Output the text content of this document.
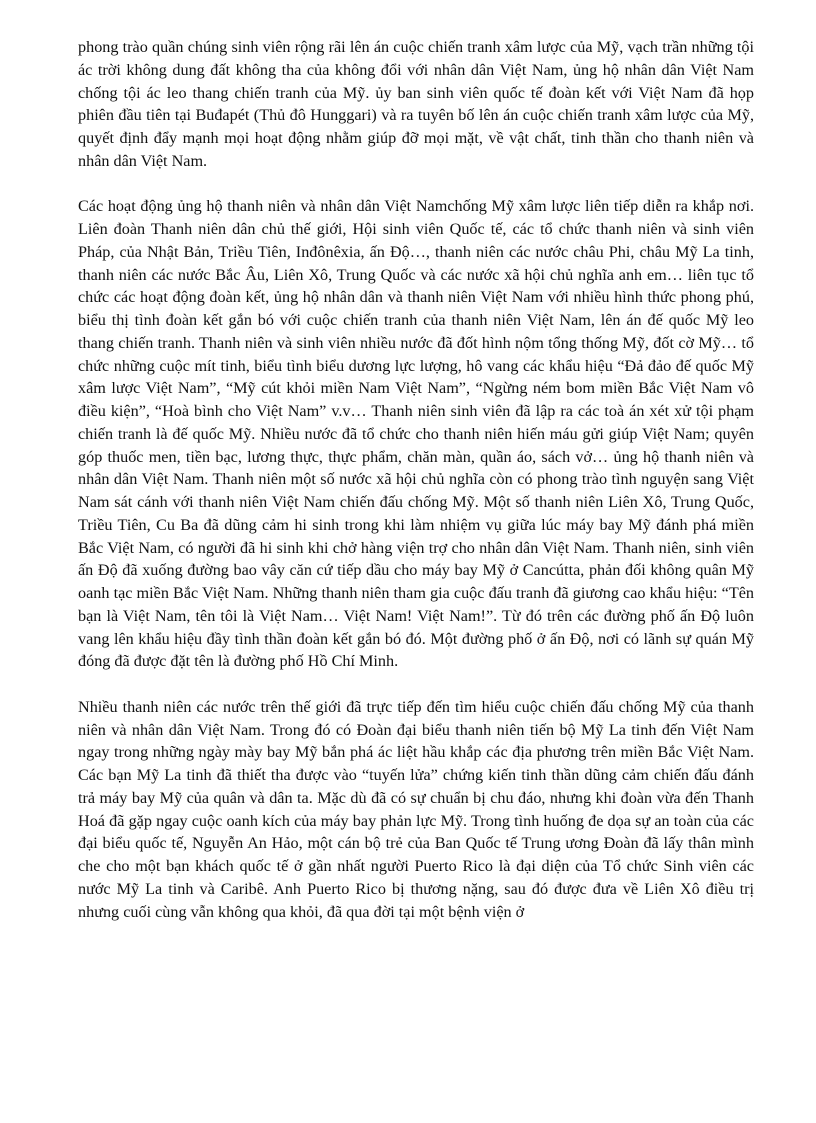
phong trào quần chúng sinh viên rộng rãi lên án cuộc chiến tranh xâm lược của Mỹ, vạch trần những tội ác trời không dung đất không tha của không đổi với nhân dân Việt Nam, ủng hộ nhân dân Việt Nam chống tội ác leo thang chiến tranh của Mỹ. ủy ban sinh viên quốc tế đoàn kết với Việt Nam đã họp phiên đầu tiên tại Buđapét (Thủ đô Hunggari) và ra tuyên bố lên án cuộc chiến tranh xâm lược của Mỹ, quyết định đẩy mạnh mọi hoạt động nhằm giúp đỡ mọi mặt, về vật chất, tinh thần cho thanh niên và nhân dân Việt Nam.

Các hoạt động ủng hộ thanh niên và nhân dân Việt Namchống Mỹ xâm lược liên tiếp diễn ra khắp nơi. Liên đoàn Thanh niên dân chủ thế giới, Hội sinh viên Quốc tế, các tổ chức thanh niên và sinh viên Pháp, của Nhật Bản, Triều Tiên, Inđônêxia, ấn Độ…, thanh niên các nước châu Phi, châu Mỹ La tinh, thanh niên các nước Bắc Âu, Liên Xô, Trung Quốc và các nước xã hội chủ nghĩa anh em… liên tục tổ chức các hoạt động đoàn kết, ủng hộ nhân dân và thanh niên Việt Nam với nhiều hình thức phong phú, biểu thị tình đoàn kết gắn bó với cuộc chiến tranh của thanh niên Việt Nam, lên án đế quốc Mỹ leo thang chiến tranh. Thanh niên và sinh viên nhiều nước đã đốt hình nộm tổng thống Mỹ, đốt cờ Mỹ… tổ chức những cuộc mít tinh, biểu tình biểu dương lực lượng, hô vang các khẩu hiệu “Đả đảo đế quốc Mỹ xâm lược Việt Nam”, “Mỹ cút khỏi miền Nam Việt Nam”, “Ngừng ném bom miền Bắc Việt Nam vô điều kiện”, “Hoà bình cho Việt Nam” v.v… Thanh niên sinh viên đã lập ra các toà án xét xử tội phạm chiến tranh là đế quốc Mỹ. Nhiều nước đã tổ chức cho thanh niên hiến máu gửi giúp Việt Nam; quyên góp thuốc men, tiền bạc, lương thực, thực phẩm, chăn màn, quần áo, sách vở… ủng hộ thanh niên và nhân dân Việt Nam. Thanh niên một số nước xã hội chủ nghĩa còn có phong trào tình nguyện sang Việt Nam sát cánh với thanh niên Việt Nam chiến đấu chống Mỹ. Một số thanh niên Liên Xô, Trung Quốc, Triều Tiên, Cu Ba đã dũng cảm hi sinh trong khi làm nhiệm vụ giữa lúc máy bay Mỹ đánh phá miền Bắc Việt Nam, có người đã hi sinh khi chở hàng viện trợ cho nhân dân Việt Nam. Thanh niên, sinh viên ấn Độ đã xuống đường bao vây căn cứ tiếp dầu cho máy bay Mỹ ở Cancútta, phản đối không quân Mỹ oanh tạc miền Bắc Việt Nam. Những thanh niên tham gia cuộc đấu tranh đã giương cao khẩu hiệu: “Tên bạn là Việt Nam, tên tôi là Việt Nam… Việt Nam! Việt Nam!”. Từ đó trên các đường phố ấn Độ luôn vang lên khẩu hiệu đầy tình thần đoàn kết gắn bó đó. Một đường phố ở ấn Độ, nơi có lãnh sự quán Mỹ đóng đã được đặt tên là đường phố Hồ Chí Minh.

Nhiều thanh niên các nước trên thế giới đã trực tiếp đến tìm hiểu cuộc chiến đấu chống Mỹ của thanh niên và nhân dân Việt Nam. Trong đó có Đoàn đại biểu thanh niên tiến bộ Mỹ La tinh đến Việt Nam ngay trong những ngày mày bay Mỹ bắn phá ác liệt hầu khắp các địa phương trên miền Bắc Việt Nam. Các bạn Mỹ La tinh đã thiết tha được vào “tuyến lửa” chứng kiến tinh thần dũng cảm chiến đấu đánh trả máy bay Mỹ của quân và dân ta. Mặc dù đã có sự chuẩn bị chu đáo, nhưng khi đoàn vừa đến Thanh Hoá đã gặp ngay cuộc oanh kích của máy bay phản lực Mỹ. Trong tình huống đe dọa sự an toàn của các đại biểu quốc tế, Nguyễn An Hảo, một cán bộ trẻ của Ban Quốc tế Trung ương Đoàn đã lấy thân mình che cho một bạn khách quốc tế ở gần nhất người Puerto Rico là đại diện của Tổ chức Sinh viên các nước Mỹ La tinh và Caribê. Anh Puerto Rico bị thương nặng, sau đó được đưa về Liên Xô điều trị nhưng cuối cùng vẫn không qua khỏi, đã qua đời tại một bệnh viện ở
